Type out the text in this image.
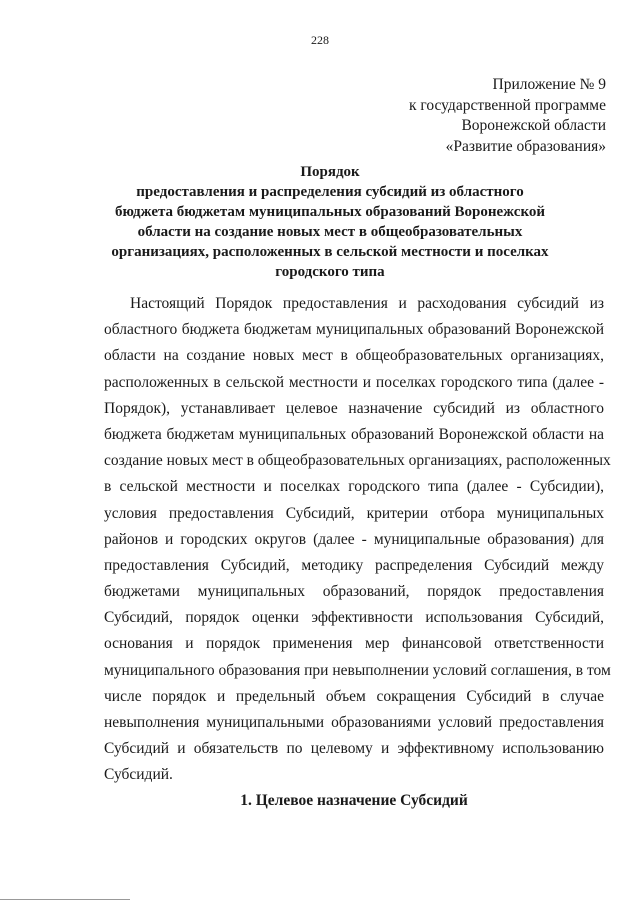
228
Приложение № 9
к государственной программе
Воронежской области
«Развитие образования»
Порядок
предоставления и распределения субсидий из областного
бюджета бюджетам муниципальных образований Воронежской
области на создание новых мест в общеобразовательных
организациях, расположенных в сельской местности и поселках
городского типа
Настоящий Порядок предоставления и расходования субсидий из
областного бюджета бюджетам муниципальных образований Воронежской
области на создание новых мест в общеобразовательных организациях,
расположенных в сельской местности и поселках городского типа (далее -
Порядок), устанавливает целевое назначение субсидий из областного
бюджета бюджетам муниципальных образований Воронежской области на
создание новых мест в общеобразовательных организациях, расположенных
в сельской местности и поселках городского типа (далее - Субсидии),
условия предоставления Субсидий, критерии отбора муниципальных
районов и городских округов (далее - муниципальные образования) для
предоставления Субсидий, методику распределения Субсидий между
бюджетами муниципальных образований, порядок предоставления
Субсидий, порядок оценки эффективности использования Субсидий,
основания и порядок применения мер финансовой ответственности
муниципального образования при невыполнении условий соглашения, в том
числе порядок и предельный объем сокращения Субсидий в случае
невыполнения муниципальными образованиями условий предоставления
Субсидий и обязательств по целевому и эффективному использованию
Субсидий.
1. Целевое назначение Субсидий
